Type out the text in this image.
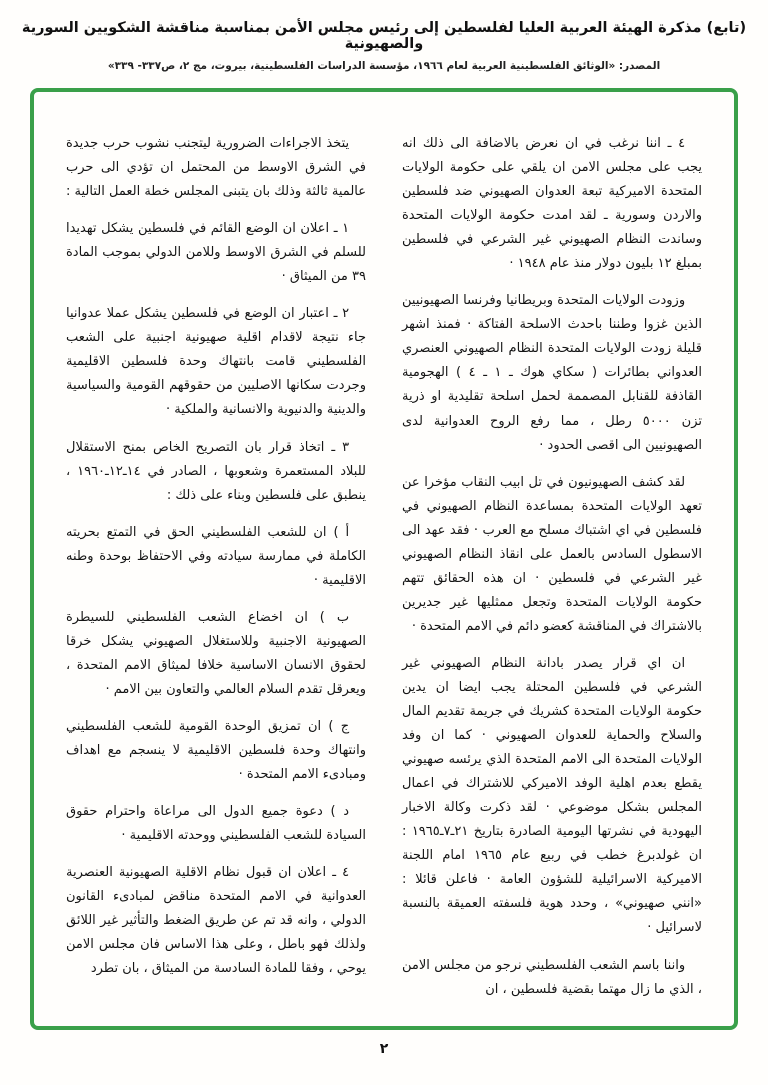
(تابع) مذكرة الهيئة العربية العليا لفلسطين إلى رئيس مجلس الأمن بمناسبة مناقشة الشكويين السورية والصهيونية
المصدر: «الوثائق الفلسطينية العربية لعام ١٩٦٦، مؤسسة الدراسات الفلسطينية، بيروت، مج ٢، ص٣٣٧- ٣٣٩»

٤ ـ اننا نرغب في ان نعرض بالاضافة الى ذلك انه يجب على مجلس الامن ان يلقي على حكومة الولايات المتحدة الاميركية تبعة العدوان الصهيوني ضد فلسطين والاردن وسورية ـ لقد امدت حكومة الولايات المتحدة وساندت النظام الصهيوني غير الشرعي في فلسطين بمبلغ ١٢ بليون دولار منذ عام ١٩٤٨ ·

وزودت الولايات المتحدة وبريطانيا وفرنسا الصهيونيين الذين غزوا وطننا باحدث الاسلحة الفتاكة · فمنذ اشهر قليلة زودت الولايات المتحدة النظام الصهيوني العنصري العدواني بطائرات ( سكاي هوك ـ ١ ـ ٤ ) الهجومية القاذفة للقنابل المصممة لحمل اسلحة تقليدية او ذرية تزن ٥٠٠٠ رطل ، مما رفع الروح العدوانية لدى الصهيونيين الى اقصى الحدود ·

لقد كشف الصهيونيون في تل ابيب النقاب مؤخرا عن تعهد الولايات المتحدة بمساعدة النظام الصهيوني في فلسطين في اي اشتباك مسلح مع العرب · فقد عهد الى الاسطول السادس بالعمل على انقاذ النظام الصهيوني غير الشرعي في فلسطين · ان هذه الحقائق تتهم حكومة الولايات المتحدة وتجعل ممثليها غير جديرين بالاشتراك في المناقشة كعضو دائم في الامم المتحدة ·

ان اي قرار يصدر بادانة النظام الصهيوني غير الشرعي في فلسطين المحتلة يجب ايضا ان يدين حكومة الولايات المتحدة كشريك في جريمة تقديم المال والسلاح والحماية للعدوان الصهيوني · كما ان وفد الولايات المتحدة الى الامم المتحدة الذي يرئسه صهيوني يقطع بعدم اهلية الوفد الاميركي للاشتراك في اعمال المجلس بشكل موضوعي · لقد ذكرت وكالة الاخبار اليهودية في نشرتها اليومية الصادرة بتاريخ ٢١ـ٧ـ١٩٦٥ : ان غولدبرغ خطب في ربيع عام ١٩٦٥ امام اللجنة الاميركية الاسرائيلية للشؤون العامة · فاعلن قائلا : «انني صهيوني» ، وحدد هوية فلسفته العميقة بالنسبة لاسرائيل ·

واننا باسم الشعب الفلسطيني نرجو من مجلس الامن ، الذي ما زال مهتما بقضية فلسطين ، ان

يتخذ الاجراءات الضرورية ليتجنب نشوب حرب جديدة في الشرق الاوسط من المحتمل ان تؤدي الى حرب عالمية ثالثة وذلك بان يتبنى المجلس خطة العمل التالية :

١ ـ اعلان ان الوضع القائم في فلسطين يشكل تهديدا للسلم في الشرق الاوسط وللامن الدولي بموجب المادة ٣٩ من الميثاق ·

٢ ـ اعتبار ان الوضع في فلسطين يشكل عملا عدوانيا جاء نتيجة لاقدام اقلية صهيونية اجنبية على الشعب الفلسطيني قامت بانتهاك وحدة فلسطين الاقليمية وجردت سكانها الاصليين من حقوقهم القومية والسياسية والدينية والدنيوية والانسانية والملكية ·

٣ ـ اتخاذ قرار بان التصريح الخاص بمنح الاستقلال للبلاد المستعمرة وشعوبها ، الصادر في ١٤ـ١٢ـ١٩٦٠ ، ينطبق على فلسطين وبناء على ذلك :

أ ) ان للشعب الفلسطيني الحق في التمتع بحريته الكاملة في ممارسة سيادته وفي الاحتفاظ بوحدة وطنه الاقليمية ·

ب ) ان اخضاع الشعب الفلسطيني للسيطرة الصهيونية الاجنبية وللاستغلال الصهيوني يشكل خرقا لحقوق الانسان الاساسية خلافا لميثاق الامم المتحدة ، ويعرقل تقدم السلام العالمي والتعاون بين الامم ·

ج ) ان تمزيق الوحدة القومية للشعب الفلسطيني وانتهاك وحدة فلسطين الاقليمية لا ينسجم مع اهداف ومبادىء الامم المتحدة ·

د ) دعوة جميع الدول الى مراعاة واحترام حقوق السيادة للشعب الفلسطيني ووحدته الاقليمية ·

٤ ـ اعلان ان قبول نظام الاقلية الصهيونية العنصرية العدوانية في الامم المتحدة مناقض لمبادىء القانون الدولي ، وانه قد تم عن طريق الضغط والتأثير غير اللائق ولذلك فهو باطل ، وعلى هذا الاساس فان مجلس الامن يوحي ، وفقا للمادة السادسة من الميثاق ، بان تطرد

٢
